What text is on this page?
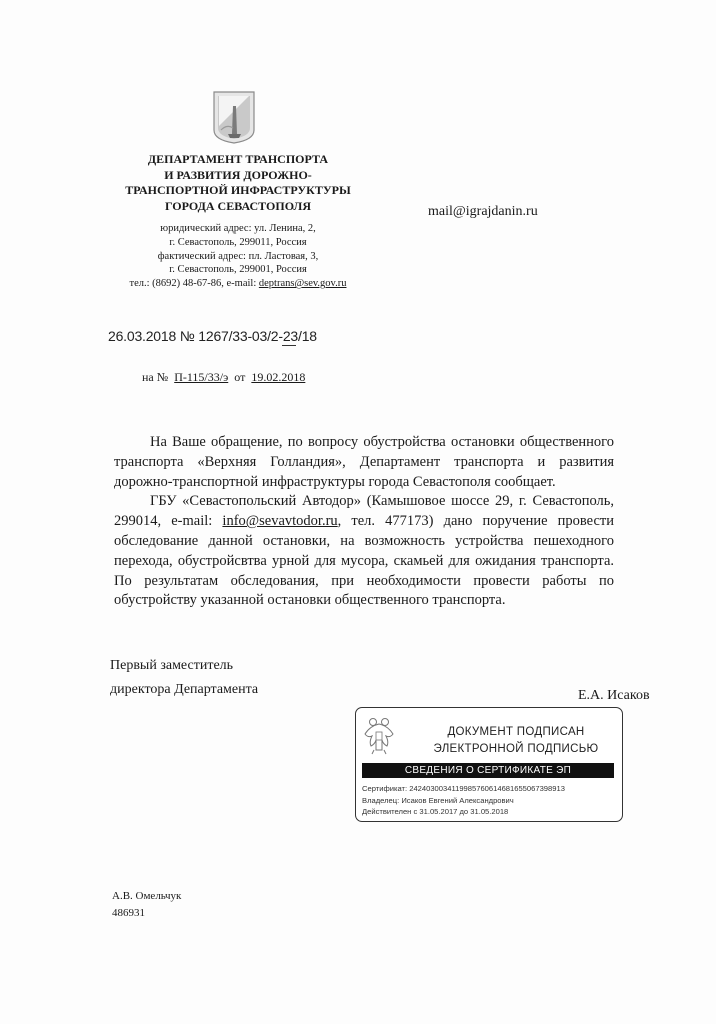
ДЕПАРТАМЕНТ ТРАНСПОРТА
И РАЗВИТИЯ ДОРОЖНО-
ТРАНСПОРТНОЙ ИНФРАСТРУКТУРЫ
ГОРОДА СЕВАСТОПОЛЯ
юридический адрес: ул. Ленина, 2,
г. Севастополь, 299011, Россия
фактический адрес: пл. Ластовая, 3,
г. Севастополь, 299001, Россия
тел.: (8692) 48-67-86, e-mail: deptrans@sev.gov.ru
mail@igrajdanin.ru
26.03.2018 № 1267/33-03/2-23/18
на № П-115/33/э от 19.02.2018

На Ваше обращение, по вопросу обустройства остановки общественного транспорта «Верхняя Голландия», Департамент транспорта и развития дорожно-транспортной инфраструктуры города Севастополя сообщает.

ГБУ «Севастопольский Автодор» (Камышовое шоссе 29, г. Севастополь, 299014, e-mail: info@sevavtodor.ru, тел. 477173) дано поручение провести обследование данной остановки, на возможность устройства пешеходного перехода, обустройсвтва урной для мусора, скамьей для ожидания транспорта. По результатам обследования, при необходимости провести работы по обустройству указанной остановки общественного транспорта.

Первый заместитель
директора Департамента	Е.А. Исаков
ДОКУМЕНТ ПОДПИСАН
ЭЛЕКТРОННОЙ ПОДПИСЬЮ
СВЕДЕНИЯ О СЕРТИФИКАТЕ ЭП
Сертификат: 24240300341199857606146816550673989​13
Владелец: Исаков Евгений Александрович
Действителен с 31.05.2017 до 31.05.2018
А.В. Омельчук
486931
